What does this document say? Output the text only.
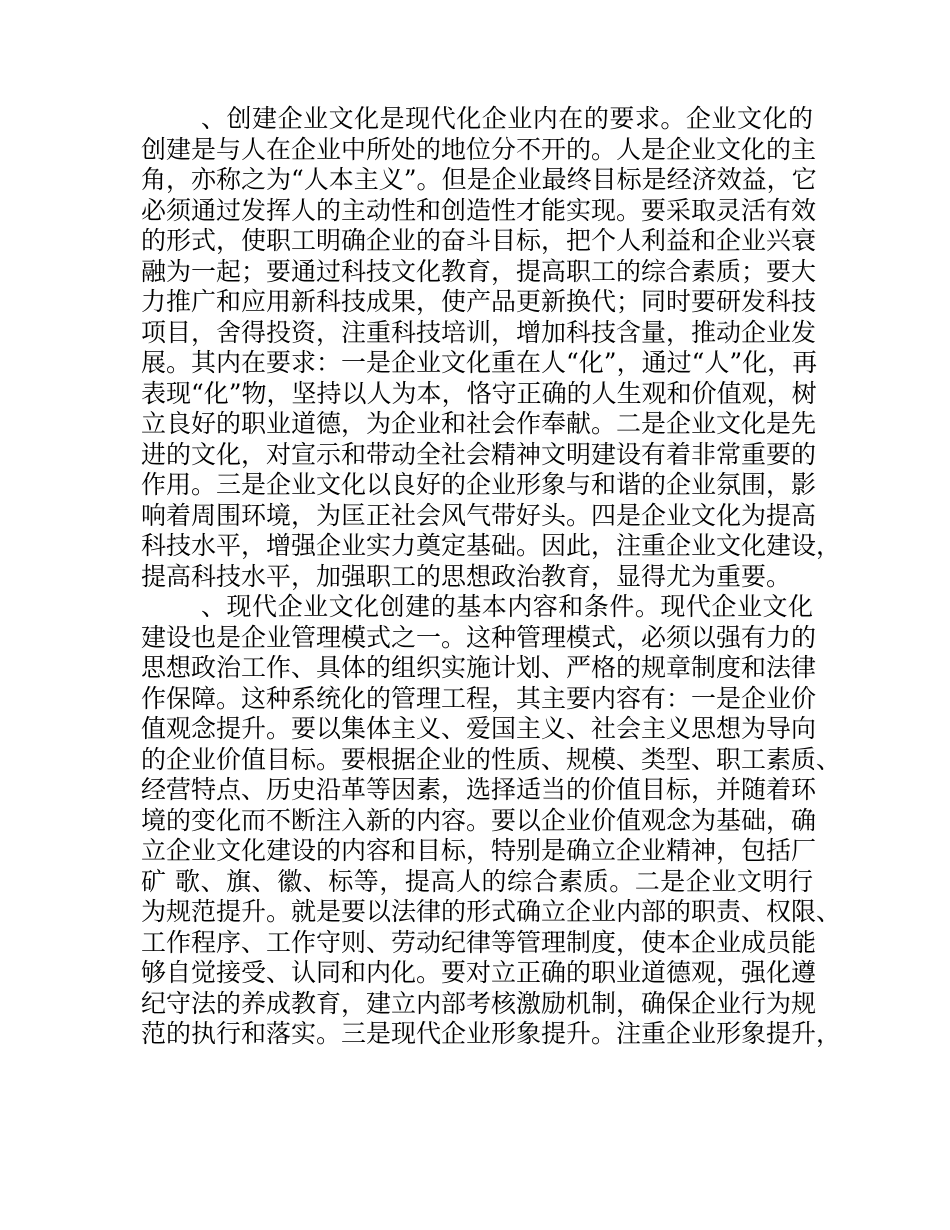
、创建企业文化是现代化企业内在的要求。企业文化的
创建是与人在企业中所处的地位分不开的。人是企业文化的主
角，亦称之为“人本主义”。但是企业最终目标是经济效益，它
必须通过发挥人的主动性和创造性才能实现。要采取灵活有效
的形式，使职工明确企业的奋斗目标，把个人利益和企业兴衰
融为一起；要通过科技文化教育，提高职工的综合素质；要大
力推广和应用新科技成果，使产品更新换代；同时要研发科技
项目，舍得投资，注重科技培训，增加科技含量，推动企业发
展。其内在要求：一是企业文化重在人“化”，通过“人”化，再
表现“化”物，坚持以人为本，恪守正确的人生观和价值观，树
立良好的职业道德，为企业和社会作奉献。二是企业文化是先
进的文化，对宣示和带动全社会精神文明建设有着非常重要的
作用。三是企业文化以良好的企业形象与和谐的企业氛围，影
响着周围环境，为匡正社会风气带好头。四是企业文化为提高
科技水平，增强企业实力奠定基础。因此，注重企业文化建设，
提高科技水平，加强职工的思想政治教育，显得尤为重要。
、现代企业文化创建的基本内容和条件。现代企业文化
建设也是企业管理模式之一。这种管理模式，必须以强有力的
思想政治工作、具体的组织实施计划、严格的规章制度和法律
作保障。这种系统化的管理工程，其主要内容有：一是企业价
值观念提升。要以集体主义、爱国主义、社会主义思想为导向
的企业价值目标。要根据企业的性质、规模、类型、职工素质、
经营特点、历史沿革等因素，选择适当的价值目标，并随着环
境的变化而不断注入新的内容。要以企业价值观念为基础，确
立企业文化建设的内容和目标，特别是确立企业精神，包括厂
矿 歌、旗、徽、标等，提高人的综合素质。二是企业文明行
为规范提升。就是要以法律的形式确立企业内部的职责、权限、
工作程序、工作守则、劳动纪律等管理制度，使本企业成员能
够自觉接受、认同和内化。要对立正确的职业道德观，强化遵
纪守法的养成教育，建立内部考核激励机制，确保企业行为规
范的执行和落实。三是现代企业形象提升。注重企业形象提升，
